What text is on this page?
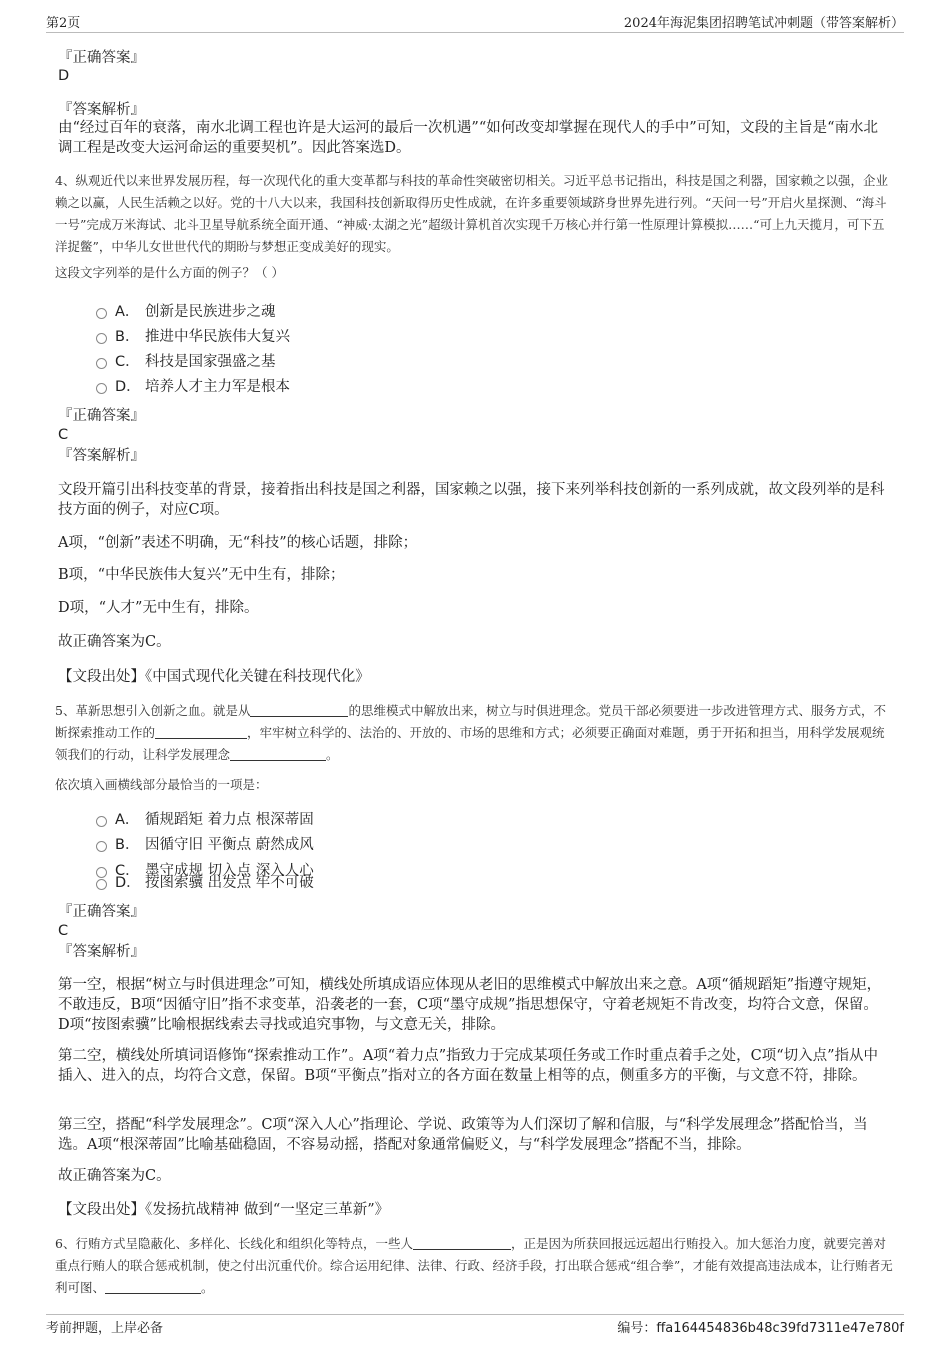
第2页	2024年海泥集团招聘笔试冲刺题（带答案解析）
『正确答案』
D
『答案解析』
由“经过百年的衰落，南水北调工程也许是大运河的最后一次机遇”“如何改变却掌握在现代人的手中”可知，文段的主旨是“南水北调工程是改变大运河命运的重要契机”。因此答案选D。
4、纵观近代以来世界发展历程，每一次现代化的重大变革都与科技的革命性突破密切相关。习近平总书记指出，科技是国之利器，国家赖之以强，企业赖之以赢，人民生活赖之以好。党的十八大以来，我国科技创新取得历史性成就，在许多重要领域跻身世界先进行列。“天问一号”开启火星探测、“海斗一号”完成万米海试、北斗卫星导航系统全面开通、“神威·太湖之光”超级计算机首次实现千万核心并行第一性原理计算模拟……“可上九天揽月，可下五洋捉鳖”，中华儿女世世代代的期盼与梦想正变成美好的现实。
这段文字列举的是什么方面的例子？（ ）
A． 创新是民族进步之魂
B． 推进中华民族伟大复兴
C． 科技是国家强盛之基
D． 培养人才主力军是根本
『正确答案』
C
『答案解析』
文段开篇引出科技变革的背景，接着指出科技是国之利器，国家赖之以强，接下来列举科技创新的一系列成就，故文段列举的是科技方面的例子，对应C项。
A项，“创新”表述不明确，无“科技”的核心话题，排除；
B项，“中华民族伟大复兴”无中生有，排除；
D项，“人才”无中生有，排除。
故正确答案为C。
【文段出处】《中国式现代化关键在科技现代化》
5、革新思想引入创新之血。就是从	的思维模式中解放出来，树立与时俱进理念。党员干部必须要进一步改进管理方式、服务方式，不断探索推动工作的	，牢牢树立科学的、法治的、开放的、市场的思维和方式；必须要正确面对难题，勇于开拓和担当，用科学发展观统领我们的行动，让科学发展理念	。
依次填入画横线部分最恰当的一项是：
A． 循规蹈矩 着力点 根深蒂固
B． 因循守旧 平衡点 蔚然成风
C． 墨守成规 切入点 深入人心
D． 按图索骥 出发点 牢不可破
『正确答案』
C
『答案解析』
第一空，根据“树立与时俱进理念”可知，横线处所填成语应体现从老旧的思维模式中解放出来之意。A项“循规蹈矩”指遵守规矩，不敢违反，B项“因循守旧”指不求变革，沿袭老的一套，C项“墨守成规”指思想保守，守着老规矩不肯改变，均符合文意，保留。D项“按图索骥”比喻根据线索去寻找或追究事物，与文意无关，排除。
第二空，横线处所填词语修饰“探索推动工作”。A项“着力点”指致力于完成某项任务或工作时重点着手之处，C项“切入点”指从中插入、进入的点，均符合文意，保留。B项“平衡点”指对立的各方面在数量上相等的点，侧重多方的平衡，与文意不符，排除。
第三空，搭配“科学发展理念”。C项“深入人心”指理论、学说、政策等为人们深切了解和信服，与“科学发展理念”搭配恰当，当选。A项“根深蒂固”比喻基础稳固，不容易动摇，搭配对象通常偏贬义，与“科学发展理念”搭配不当，排除。
故正确答案为C。
【文段出处】《发扬抗战精神 做到“一坚定三革新”》
6、行贿方式呈隐蔽化、多样化、长线化和组织化等特点，一些人	，正是因为所获回报远远超出行贿投入。加大惩治力度，就要完善对重点行贿人的联合惩戒机制，使之付出沉重代价。综合运用纪律、法律、行政、经济手段，打出联合惩戒“组合拳”，才能有效提高违法成本，让行贿者无利可图、	。
考前押题，上岸必备	编号：ffa164454836b48c39fd7311e47e780f
